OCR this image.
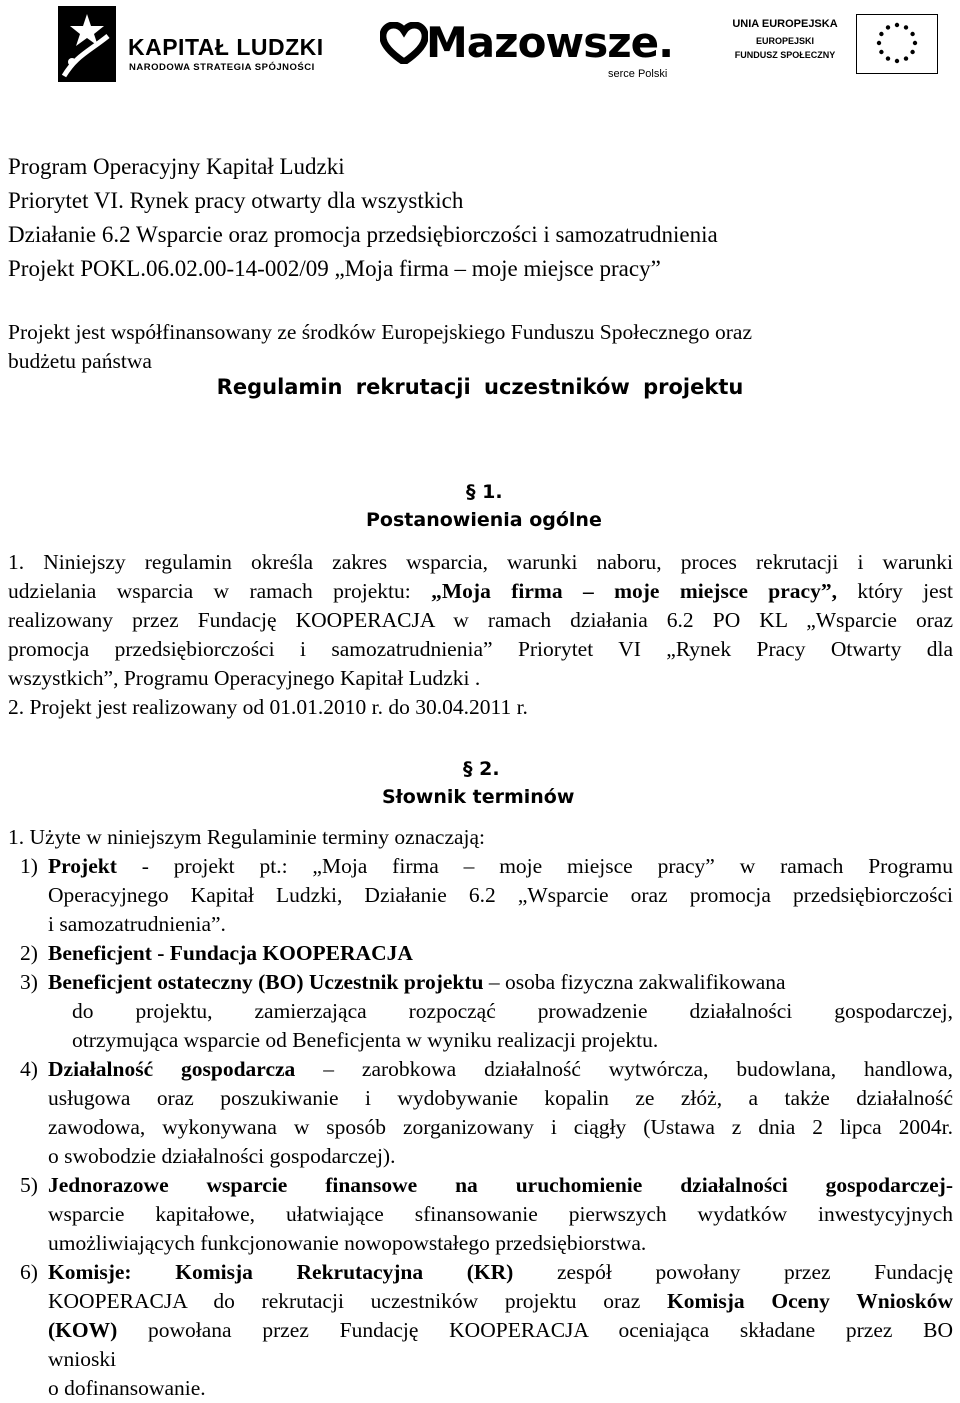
KAPITAŁ LUDZKI
NARODOWA STRATEGIA SPÓJNOŚCI
Mazowsze.
serce Polski
UNIA EUROPEJSKA
EUROPEJSKI
FUNDUSZ SPOŁECZNY
Program Operacyjny Kapitał Ludzki
Priorytet VI. Rynek pracy otwarty dla wszystkich
Działanie 6.2 Wsparcie oraz promocja przedsiębiorczości i samozatrudnienia
Projekt POKL.06.02.00-14-002/09 „Moja firma – moje miejsce pracy”
Projekt jest współfinansowany ze środków Europejskiego Funduszu Społecznego oraz
budżetu państwa
Regulamin rekrutacji uczestników projektu
§ 1.
Postanowienia ogólne
1. Niniejszy regulamin określa zakres wsparcia, warunki naboru, proces rekrutacji i warunki
udzielania wsparcia w ramach projektu: „Moja firma – moje miejsce pracy”, który jest
realizowany przez Fundację KOOPERACJA w ramach działania 6.2 PO KL „Wsparcie oraz
promocja przedsiębiorczości i samozatrudnienia” Priorytet VI „Rynek Pracy Otwarty dla
wszystkich”, Programu Operacyjnego Kapitał Ludzki .
2. Projekt jest realizowany od 01.01.2010 r. do 30.04.2011 r.
§ 2.
Słownik terminów
1. Użyte w niniejszym Regulaminie terminy oznaczają:
1) Projekt - projekt pt.: „Moja firma – moje miejsce pracy” w ramach Programu
Operacyjnego Kapitał Ludzki, Działanie 6.2 „Wsparcie oraz promocja przedsiębiorczości
i samozatrudnienia”.
2) Beneficjent - Fundacja KOOPERACJA
3) Beneficjent ostateczny (BO) Uczestnik projektu – osoba fizyczna zakwalifikowana
do projektu, zamierzająca rozpocząć prowadzenie działalności gospodarczej,
otrzymująca wsparcie od Beneficjenta w wyniku realizacji projektu.
4) Działalność gospodarcza – zarobkowa działalność wytwórcza, budowlana, handlowa,
usługowa oraz poszukiwanie i wydobywanie kopalin ze złóż, a także działalność
zawodowa, wykonywana w sposób zorganizowany i ciągły (Ustawa z dnia 2 lipca 2004r.
o swobodzie działalności gospodarczej).
5) Jednorazowe wsparcie finansowe na uruchomienie działalności gospodarczej-
wsparcie kapitałowe, ułatwiające sfinansowanie pierwszych wydatków inwestycyjnych
umożliwiających funkcjonowanie nowopowstałego przedsiębiorstwa.
6) Komisje: Komisja Rekrutacyjna (KR) zespół powołany przez Fundację
KOOPERACJA do rekrutacji uczestników projektu oraz Komisja Oceny Wniosków
(KOW) powołana przez Fundację KOOPERACJA oceniająca składane przez BO
wnioski
o dofinansowanie.
